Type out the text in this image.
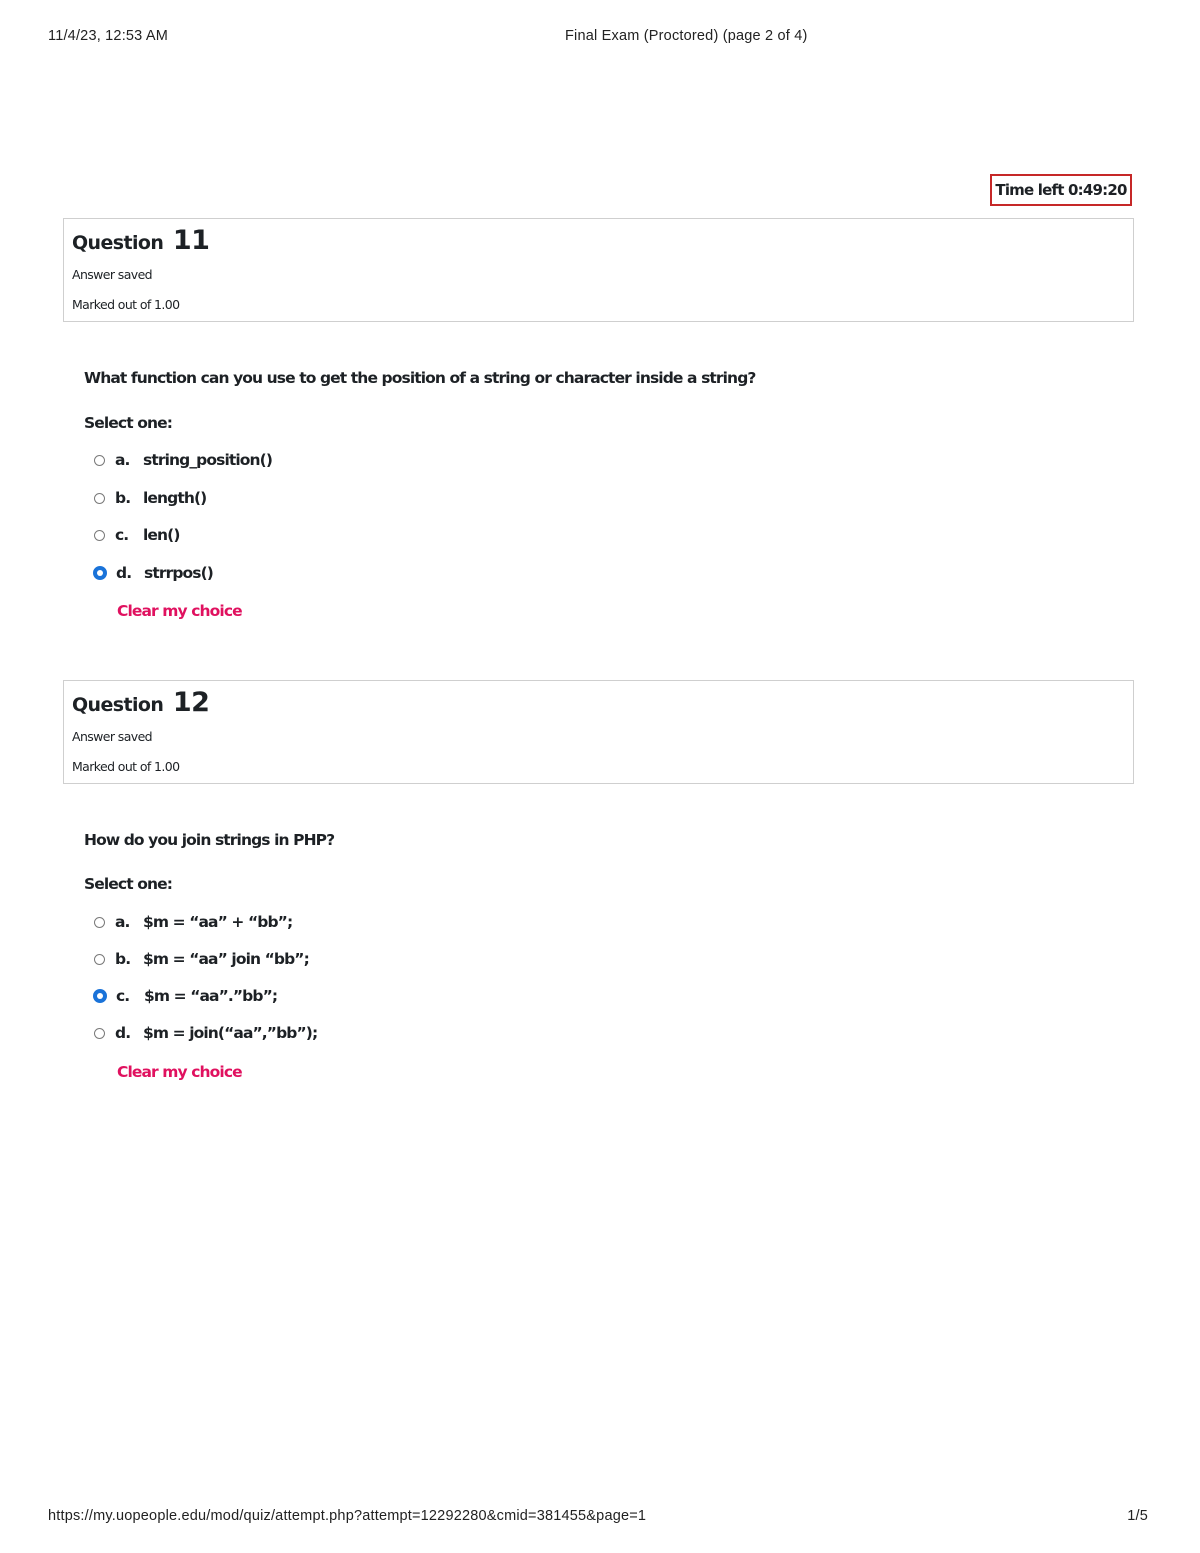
11/4/23, 12:53 AM	Final Exam (Proctored) (page 2 of 4)
Time left 0:49:20
Question 11
Answer saved
Marked out of 1.00
What function can you use to get the position of a string or character inside a string?
Select one:
a. string_position()
b. length()
c. len()
d. strrpos()
Clear my choice
Question 12
Answer saved
Marked out of 1.00
How do you join strings in PHP?
Select one:
a. $m = “aa” + “bb”;
b. $m = “aa” join “bb”;
c. $m = “aa”.”bb”;
d. $m = join(“aa”,”bb”);
Clear my choice
https://my.uopeople.edu/mod/quiz/attempt.php?attempt=12292280&cmid=381455&page=1	1/5
